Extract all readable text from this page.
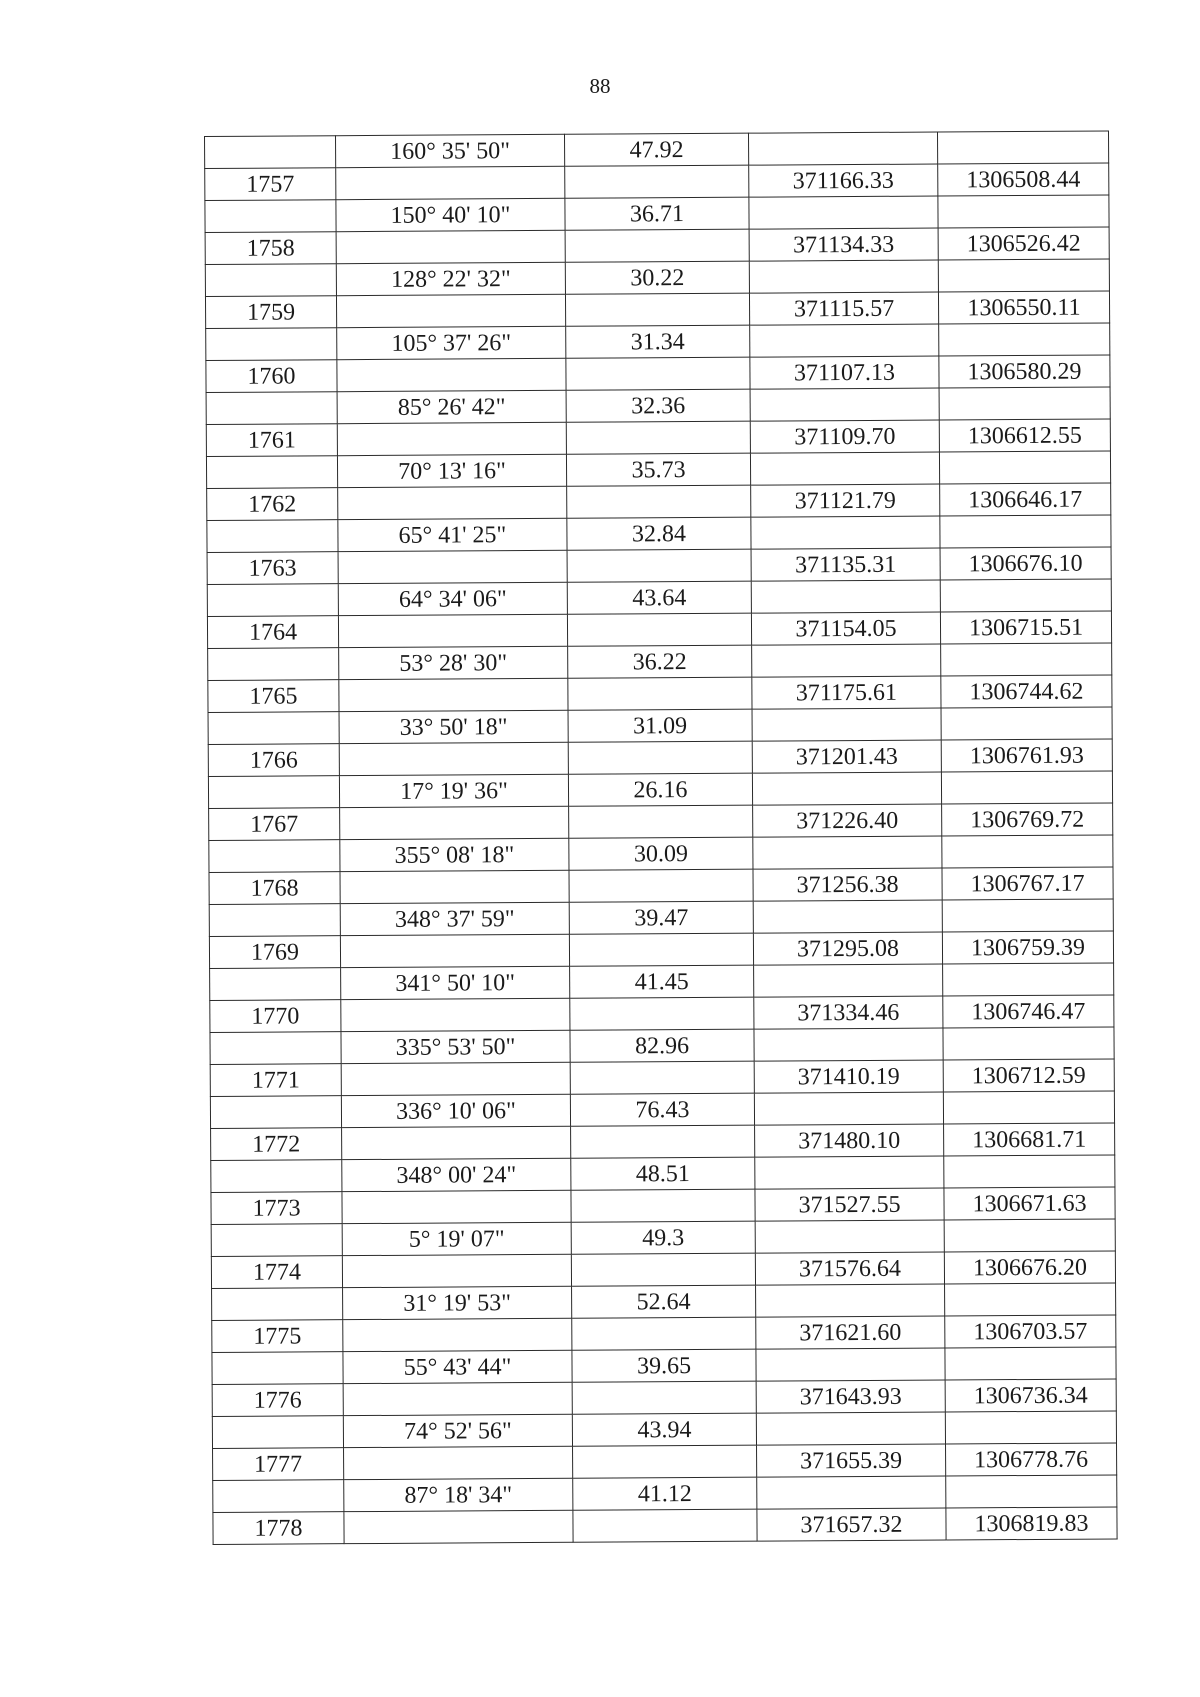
88
	160° 35' 50"	47.92		
1757			371166.33	1306508.44
	150° 40' 10"	36.71		
1758			371134.33	1306526.42
	128° 22' 32"	30.22		
1759			371115.57	1306550.11
	105° 37' 26"	31.34		
1760			371107.13	1306580.29
	85° 26' 42"	32.36		
1761			371109.70	1306612.55
	70° 13' 16"	35.73		
1762			371121.79	1306646.17
	65° 41' 25"	32.84		
1763			371135.31	1306676.10
	64° 34' 06"	43.64		
1764			371154.05	1306715.51
	53° 28' 30"	36.22		
1765			371175.61	1306744.62
	33° 50' 18"	31.09		
1766			371201.43	1306761.93
	17° 19' 36"	26.16		
1767			371226.40	1306769.72
	355° 08' 18"	30.09		
1768			371256.38	1306767.17
	348° 37' 59"	39.47		
1769			371295.08	1306759.39
	341° 50' 10"	41.45		
1770			371334.46	1306746.47
	335° 53' 50"	82.96		
1771			371410.19	1306712.59
	336° 10' 06"	76.43		
1772			371480.10	1306681.71
	348° 00' 24"	48.51		
1773			371527.55	1306671.63
	5° 19' 07"	49.3		
1774			371576.64	1306676.20
	31° 19' 53"	52.64		
1775			371621.60	1306703.57
	55° 43' 44"	39.65		
1776			371643.93	1306736.34
	74° 52' 56"	43.94		
1777			371655.39	1306778.76
	87° 18' 34"	41.12		
1778			371657.32	1306819.83
